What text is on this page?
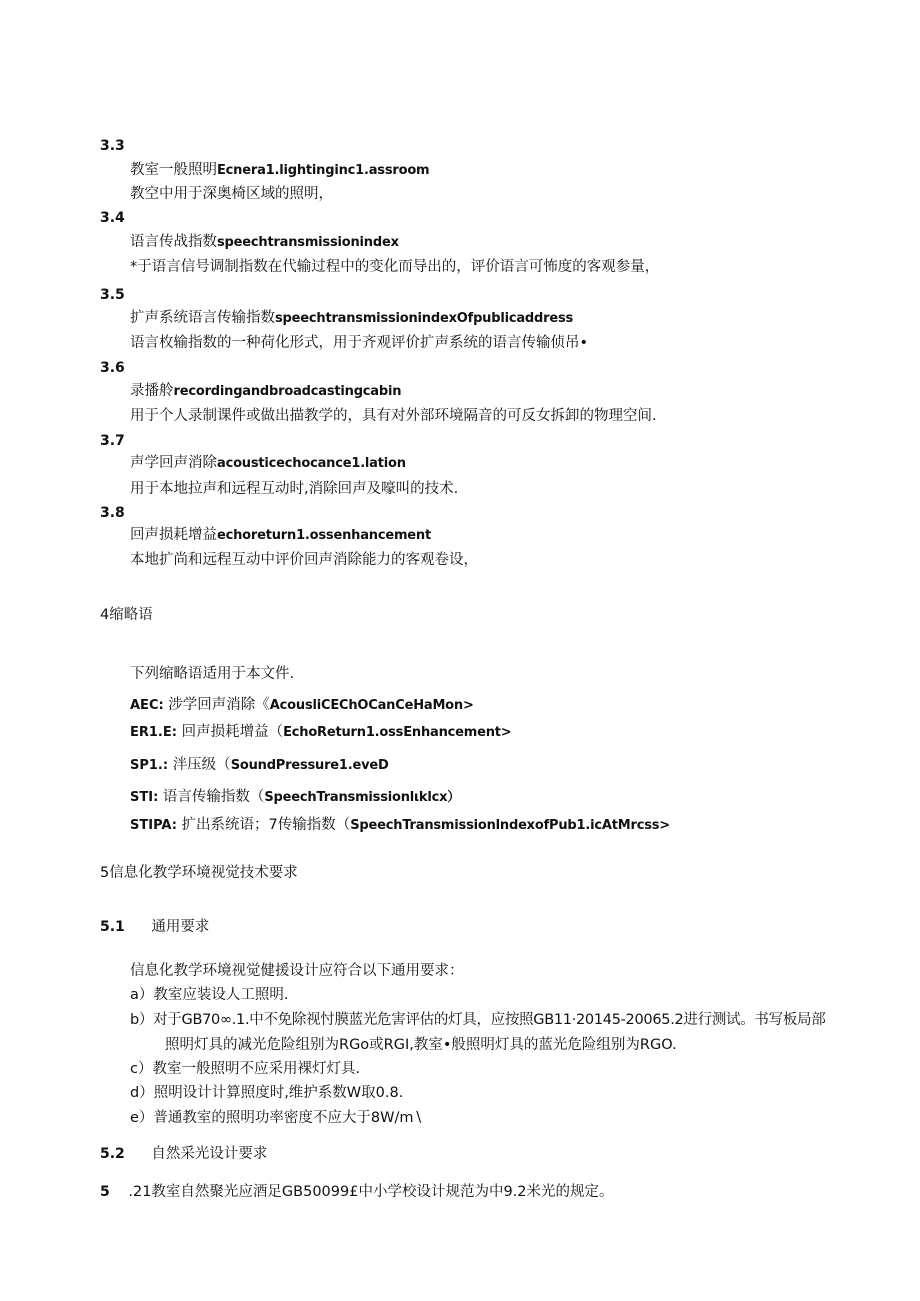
3.3
教室一般照明Ecnera1.lightinginc1.assroom
教空中用于深奥椅区域的照明，
3.4
语言传战指数speechtransmissionindex
*于语言信号调制指数在代输过程中的变化而导出的，评价语言可怖度的客观参量，
3.5
扩声系统语言传输指数speechtransmissionindexOfpublicaddress
语言枚输指数的一种荷化形式，用于齐观评价扩声系统的语言传输侦吊•
3.6
录播舲recordingandbroadcastingcabin
用于个人录制课件或做出描教学的，具有对外部环境隔音的可反女拆卸的物理空间.
3.7
声学回声消除acousticechocance1.lation
用于本地拉声和远程互动时,消除回声及嚎叫的技术.
3.8
回声损耗增益echoreturn1.ossenhancement
本地扩尚和远程互动中评价回声消除能力的客观卷设，
4缩略语
下列缩略语适用于本文件.
AEC: 涉学回声消除《AcousliCEChOCanCeHaMon>
ER1.E: 回声损耗增益（EchoReturn1.ossEnhancement>
SP1.: 泮压级（SoundPressure1.eveD
STI: 语言传输指数（SpeechTransmissionlιklcx）
STIPA: 扩出系统语；7传输指数（SpeechTransmissionlndexofPub1.icAtMrcss>
5信息化教学环境视觉技术要求
5.1 通用要求
信息化教学环境视觉健援设计应符合以下通用要求：
a）教室应装设人工照明.
b）对于GB70∞.1.中不免除视忖膜蓝光危害评估的灯具，应按照GB11·20145-20065.2进行测试。书写板局部
照明灯具的减光危险组别为RGo或RGI,教室•般照明灯具的蓝光危险组别为RGO.
c）教室一般照明不应采用裸灯灯具.
d）照明设计计算照度时,维护系数W取0.8.
e）普通教室的照明功率密度不应大于8W∕m∖
5.2 自然采光设计要求
5 .21教室自然聚光应酒足GB50099£中小学校设计规范为中9.2米光的规定。
